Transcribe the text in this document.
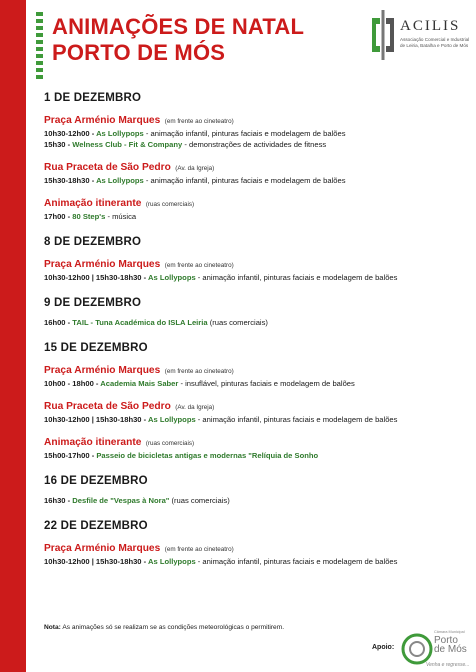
ANIMAÇÕES DE NATAL
PORTO DE MÓS
ACILIS
Associação Comercial e Industrial de Leiria, Batalha e Porto de Mós
1 DE DEZEMBRO

Praça Arménio Marques (em frente ao cineteatro)

10h30-12h00 - As Lollypops - animação infantil, pinturas faciais e modelagem de balões

15h30 - Welness Club - Fit & Company - demonstrações de actividades de fitness

Rua Praceta de São Pedro (Av. da Igreja)

15h30-18h30 - As Lollypops - animação infantil, pinturas faciais e modelagem de balões

Animação itinerante (ruas comerciais)

17h00 - 80 Step's - música

8 DE DEZEMBRO

Praça Arménio Marques (em frente ao cineteatro)

10h30-12h00 | 15h30-18h30 - As Lollypops - animação infantil, pinturas faciais e modelagem de balões

9 DE DEZEMBRO

16h00 - TAIL - Tuna Académica do ISLA Leiria (ruas comerciais)

15 DE DEZEMBRO

Praça Arménio Marques (em frente ao cineteatro)

10h00 - 18h00 - Academia Mais Saber - insuflável, pinturas faciais e modelagem de balões

Rua Praceta de São Pedro (Av. da Igreja)

10h30-12h00 | 15h30-18h30 - As Lollypops - animação infantil, pinturas faciais e modelagem de balões

Animação itinerante (ruas comerciais)

15h00-17h00 - Passeio de bicicletas antigas e modernas "Relíquia de Sonho

16 DE DEZEMBRO

16h30 - Desfile de "Vespas à Nora" (ruas comerciais)

22 DE DEZEMBRO

Praça Arménio Marques (em frente ao cineteatro)

10h30-12h00 | 15h30-18h30 - As Lollypops - animação infantil, pinturas faciais e modelagem de balões

Nota: As animações só se realizam se as condições meteorológicas o permitirem.
Apoio:
Câmara Municipal
Porto
de Mós
Venha e regresse...
